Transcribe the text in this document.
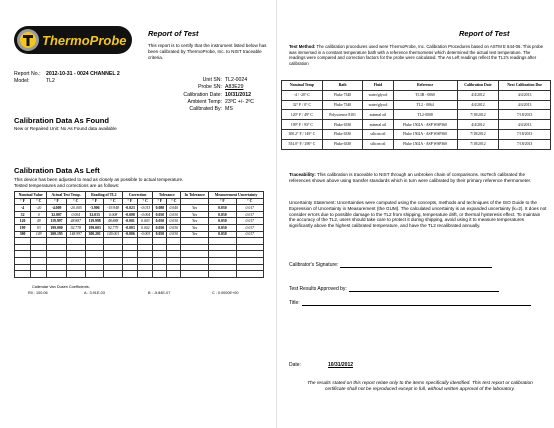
ThermoProbe	Report of Test
This report is to certify that the instrument listed below has been calibrated by ThermoProbe, Inc. to NIST traceable criteria.
Report No.: 2012-10-31 - 0024 CHANNEL 2
Model:	TL2	Unit SN: TL2-0024
Probe SN: A83E29
Calibration Date: 10/31/2012
Ambient Temp: 23ºC +/- 2ºC
Calibrated By: MS
Calibration Data As Found
New or Repaired Unit: No As Found data available
Calibration Data As Left
This device has been adjusted to read as closely as possible to actual temperature.
Tested temperatures and corrections are as follows:
Nominal Value		Actual Test Temp.		Reading of TL2		Correction		Tolerance		In Tolerance	Measurement Uncertainty	
° F	° C	° F	° C	° F	° C	° F	° C	° F	° C		° F	° C
-4	-20	-4.009	-20.005	-3.906	-19.948	-0.023	-0.013	0.080	0.040	Yes	0.030	0.017
32	0	32.007	0.004	32.015	0.008	-0.008	-0.004	0.050	0.030	Yes	0.030	0.017
120	49	119.997	48.887	119.998	48.888	-0.001	0.003	0.050	0.030	Yes	0.030	0.017
199	93	199.000	92.778	199.003	92.779	-0.003	0.002	0.050	0.030	Yes	0.030	0.017
300	149	300.195	148.997	300.201	149.001	-0.006	-0.003	0.050	0.030	Yes	0.030	0.017

Callendar Van Dusen Coefficients:
R0 : 100.06	A : 3.91E-03	B : -5.84E-07	C : 0.0000E+00
Report of Test
Test Method: The calibration procedures used were ThermoProbe, Inc. Calibration Procedures based on ASTM E 644-06. This probe was immersed in a constant temperature bath with a reference thermometer which determined the actual test temperature. The readings were compared and correction factors for the probe were calculated. The As Left readings reflect the TL2's readings after calibration
Nominal Temp	Bath	Fluid	Reference	Calibration Date	Next Calibration Due
-4 / -20° C	Fluke 7340	water/glycol	TL3B - 0060	4/4/2012	4/4/2013
32° F / 0° C	Fluke 7340	water/glycol	TL2 - 0064	4/4/2012	4/4/2013
120° F / 49° C	Polyscience 8101	mineral oil	TL2-0008	7/18/2012	7/18/2013
199° F / 93° C	Fluke 6330	mineral oil	Fluke 1502A - ASP WSP360	4/4/2012	4/4/2013
300.2° F / 149° C	Fluke 6330	silicon oil	Fluke 1502A - ASP WSP360	7/18/2012	7/18/2013
554.0° F / 290° C	Fluke 6330	silicon oil	Fluke 1502A - ASP WSP360	7/18/2012	7/18/2013
Traceability: This calibration is traceable to NIST through an unbroken chain of comparisons. IsoTech calibrated the references shown above using transfer standards which in turn were calibrated by their primary reference thermometer.
Uncertainty Statement: Uncertainties were computed using the concepts, methods and techniques of the ISO Guide to the Expression of Uncertainty in Measurement (the GUM). The calculated uncertainty is an expanded uncertainty (k=2). It does not consider errors due to possible damage to the TL2 from shipping, temperature drift, or thermal hysteresis effect. To maintain the accuracy of the TL2, users should take care to protect it during shipping, avoid using it to measure temperatures significantly above the highest calibrated temperature, and have the TL2 recalibrated annually.
Calibrator's Signature:
Test Results Approved by:
Title:
Date:	10/31/2012
The results stated on this report relate only to the items specifically identified. This test report or calibration certificate shall not be reproduced except in full, without written approval of the laboratory.
